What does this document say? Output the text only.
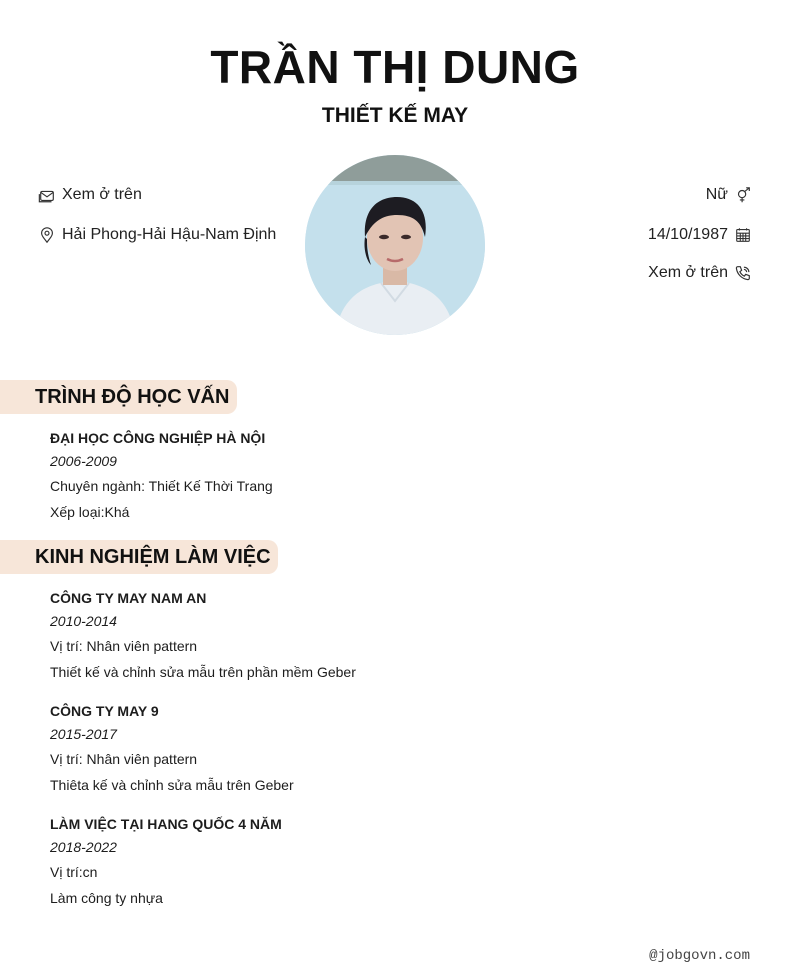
TRẦN THỊ DUNG
THIẾT KẾ MAY
Xem ở trên
Hải Phong-Hải Hậu-Nam Định
Nữ
14/10/1987
Xem ở trên
TRÌNH ĐỘ HỌC VẤN
ĐẠI HỌC CÔNG NGHIỆP HÀ NỘI
2006-2009
Chuyên ngành: Thiết Kế Thời Trang
Xếp loại:Khá
KINH NGHIỆM LÀM VIỆC
CÔNG TY MAY NAM AN
2010-2014
Vị trí: Nhân viên pattern
Thiết kế và chỉnh sửa mẫu trên phần mềm Geber
CÔNG TY MAY 9
2015-2017
Vị trí: Nhân viên pattern
Thiêta kế và chỉnh sửa mẫu trên Geber
LÀM VIỆC TẠI HANG QUỐC 4 NĂM
2018-2022
Vị trí:cn
Làm công ty nhựa
@jobgovn.com
